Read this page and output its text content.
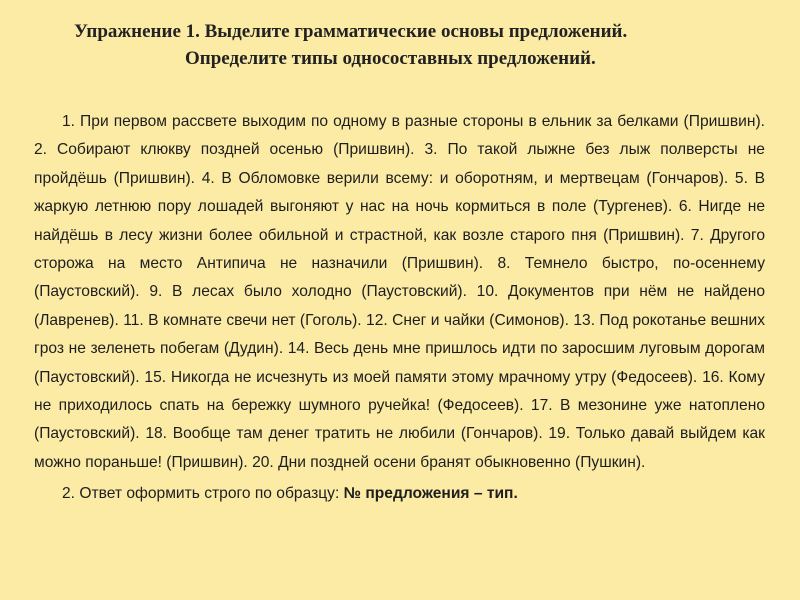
Упражнение 1. Выделите грамматические основы предложений.
Определите типы односоставных предложений.

1. При первом рассвете выходим по одному в разные стороны в ельник за белками (Пришвин). 2. Собирают клюкву поздней осенью (Пришвин). 3. По такой лыжне без лыж полверсты не пройдёшь (Пришвин). 4. В Обломовке верили всему: и оборотням, и мертвецам (Гончаров). 5. В жаркую летнюю пору лошадей выгоняют у нас на ночь кормиться в поле (Тургенев). 6. Нигде не найдёшь в лесу жизни более обильной и страстной, как возле старого пня (Пришвин). 7. Другого сторожа на место Антипича не назначили (Пришвин). 8. Темнело быстро, по-осеннему (Паустовский). 9. В лесах было холодно (Паустовский). 10. Документов при нём не найдено (Лавренев). 11. В комнате свечи нет (Гоголь). 12. Снег и чайки (Симонов). 13. Под рокотанье вешних гроз не зеленеть побегам (Дудин). 14. Весь день мне пришлось идти по заросшим луговым дорогам (Паустовский). 15. Никогда не исчезнуть из моей памяти этому мрачному утру (Федосеев). 16. Кому не приходилось спать на бережку шумного ручейка! (Федосеев). 17. В мезонине уже натоплено (Паустовский). 18. Вообще там денег тратить не любили (Гончаров). 19. Только давай выйдем как можно пораньше! (Пришвин). 20. Дни поздней осени бранят обыкновенно (Пушкин).

2. Ответ оформить строго по образцу: № предложения – тип.
